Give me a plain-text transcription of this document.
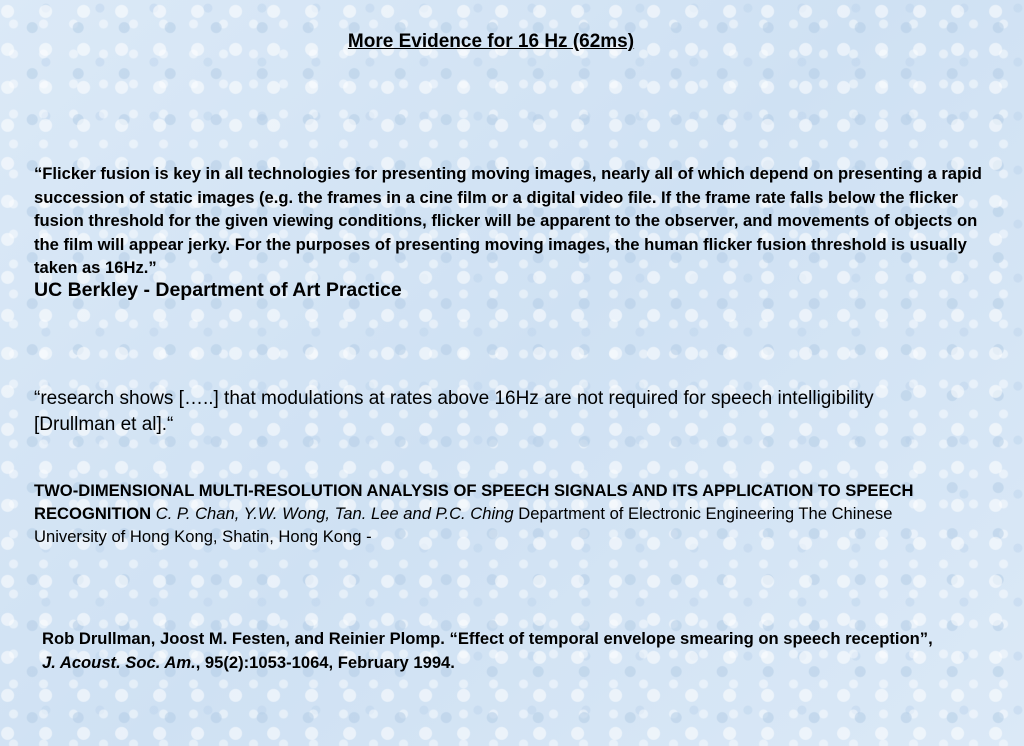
More Evidence for 16 Hz (62ms)
“Flicker fusion is key in all technologies for presenting moving images, nearly all of which depend on presenting a rapid succession of static images (e.g. the frames in a cine film or a digital video file. If the frame rate falls below the flicker fusion threshold for the given viewing conditions, flicker will be apparent to the observer, and movements of objects on the film will appear jerky. For the purposes of presenting moving images, the human flicker fusion threshold is usually taken as 16Hz.”
UC Berkley - Department of Art Practice
“research shows […..] that modulations at rates above 16Hz are not required for speech intelligibility [Drullman et al].“
TWO-DIMENSIONAL MULTI-RESOLUTION ANALYSIS OF SPEECH SIGNALS AND ITS APPLICATION TO SPEECH RECOGNITION C. P. Chan, Y.W. Wong, Tan. Lee and P.C. Ching Department of Electronic Engineering The Chinese University of Hong Kong, Shatin, Hong Kong -
Rob Drullman, Joost M. Festen, and Reinier Plomp. “Effect of temporal envelope smearing on speech reception”, J. Acoust. Soc. Am., 95(2):1053-1064, February 1994.
